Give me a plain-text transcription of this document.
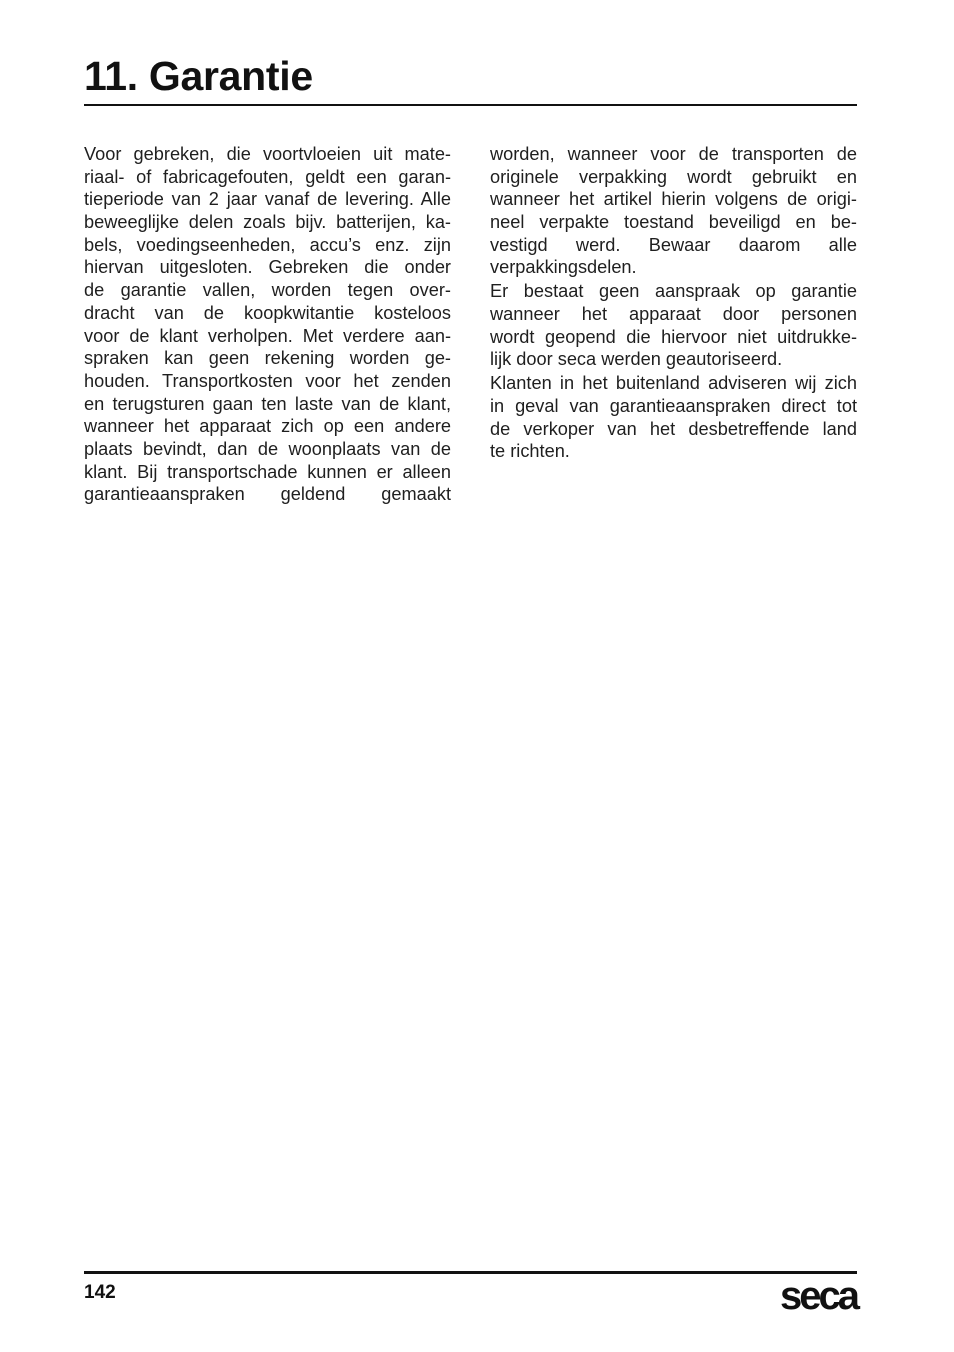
11. Garantie
Voor gebreken, die voortvloeien uit mate-
riaal- of fabricagefouten, geldt een garan-
tieperiode van 2 jaar vanaf de levering. Alle
beweeglijke delen zoals bijv. batterijen, ka-
bels, voedingseenheden, accu’s enz. zijn
hiervan uitgesloten. Gebreken die onder
de garantie vallen, worden tegen over-
dracht van de koopkwitantie kosteloos
voor de klant verholpen. Met verdere aan-
spraken kan geen rekening worden ge-
houden. Transportkosten voor het zenden
en terugsturen gaan ten laste van de klant,
wanneer het apparaat zich op een andere
plaats bevindt, dan de woonplaats van de
klant. Bij transportschade kunnen er alleen
garantieaanspraken geldend gemaakt
worden, wanneer voor de transporten de
originele verpakking wordt gebruikt en
wanneer het artikel hierin volgens de origi-
neel verpakte toestand beveiligd en be-
vestigd werd. Bewaar daarom alle
verpakkingsdelen.
Er bestaat geen aanspraak op garantie
wanneer het apparaat door personen
wordt geopend die hiervoor niet uitdrukke-
lijk door seca werden geautoriseerd.
Klanten in het buitenland adviseren wij zich
in geval van garantieaanspraken direct tot
de verkoper van het desbetreffende land
te richten.
142	seca
